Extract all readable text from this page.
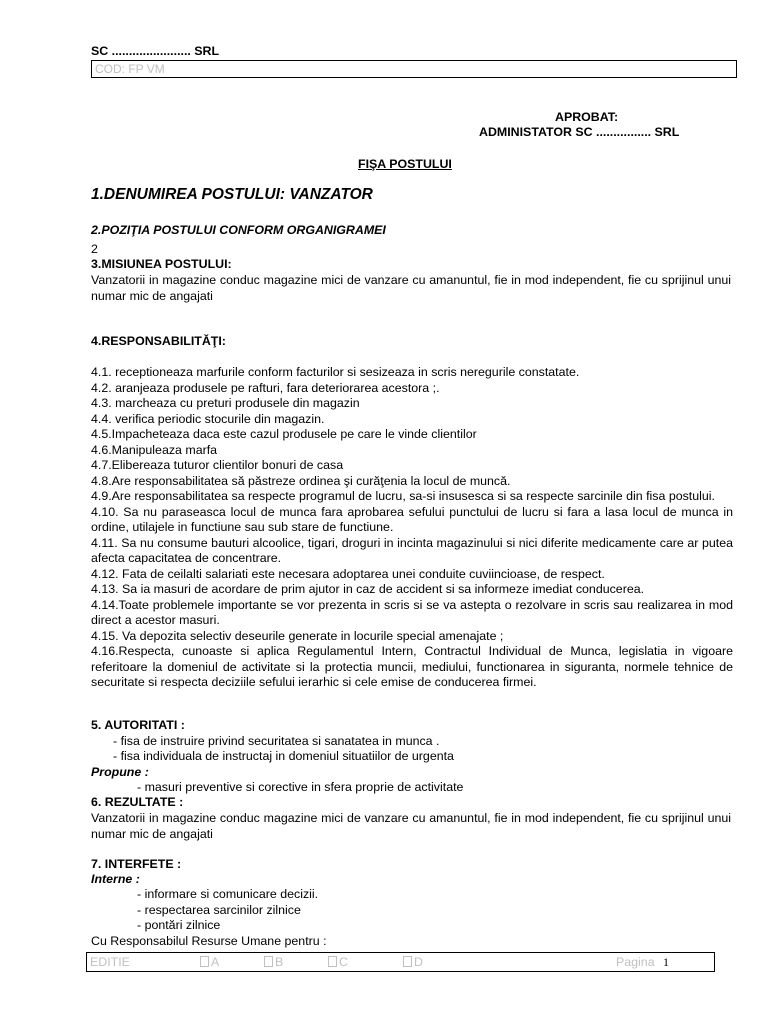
SC ....................... SRL
COD: FP VM
APROBAT:
ADMINISTATOR SC ................ SRL
FIŞA POSTULUI
1.DENUMIREA POSTULUI: VANZATOR
2.POZIŢIA POSTULUI CONFORM ORGANIGRAMEI
2
3.MISIUNEA POSTULUI:
Vanzatorii in magazine conduc magazine mici de vanzare cu amanuntul, fie in mod independent, fie cu sprijinul unui numar mic de angajati
4.RESPONSABILITĂŢI:
4.1. receptioneaza marfurile conform facturilor si sesizeaza in scris neregurile constatate.
4.2. aranjeaza produsele pe rafturi, fara deteriorarea acestora ;.
4.3. marcheaza cu preturi produsele din magazin
4.4. verifica periodic stocurile din magazin.
4.5.Impacheteaza daca este cazul produsele pe care le vinde clientilor
4.6.Manipuleaza marfa
4.7.Elibereaza tuturor clientilor bonuri de casa
4.8.Are responsabilitatea să păstreze ordinea şi curăţenia la locul de muncă.
4.9.Are responsabilitatea sa respecte programul de lucru, sa-si insusesca si sa respecte sarcinile din fisa postului.
4.10. Sa nu paraseasca locul de munca fara aprobarea sefului punctului de lucru si fara a lasa locul de munca in ordine, utilajele in functiune sau sub stare de functiune.
4.11. Sa nu consume bauturi alcoolice, tigari, droguri in incinta magazinului si nici diferite medicamente care ar putea afecta capacitatea de concentrare.
4.12. Fata de ceilalti salariati este necesara adoptarea unei conduite cuviincioase, de respect.
4.13. Sa ia masuri de acordare de prim ajutor in caz de accident si sa informeze imediat conducerea.
4.14.Toate problemele importante se vor prezenta in scris si se va astepta o rezolvare in scris sau realizarea in mod direct a acestor masuri.
4.15. Va depozita selectiv deseurile generate in locurile special amenajate ;
4.16.Respecta, cunoaste si aplica Regulamentul Intern, Contractul Individual de Munca, legislatia in vigoare referitoare la domeniul de activitate si la protectia muncii, mediului, functionarea in siguranta, normele tehnice de securitate si respecta deciziile sefului ierarhic si cele emise de conducerea firmei.
5. AUTORITATI :
- fisa de instruire privind securitatea si sanatatea in munca .
- fisa individuala de instructaj in domeniul situatiilor de urgenta
Propune :
- masuri preventive si corective in sfera proprie de activitate
6. REZULTATE :
Vanzatorii in magazine conduc magazine mici de vanzare cu amanuntul, fie in mod independent, fie cu sprijinul unui numar mic de angajati
7. INTERFETE :
Interne :
- informare si comunicare decizii.
- respectarea sarcinilor zilnice
- pontări zilnice
Cu Responsabilul Resurse Umane pentru :
EDITIE	A	B	C	D	Pagina 1
